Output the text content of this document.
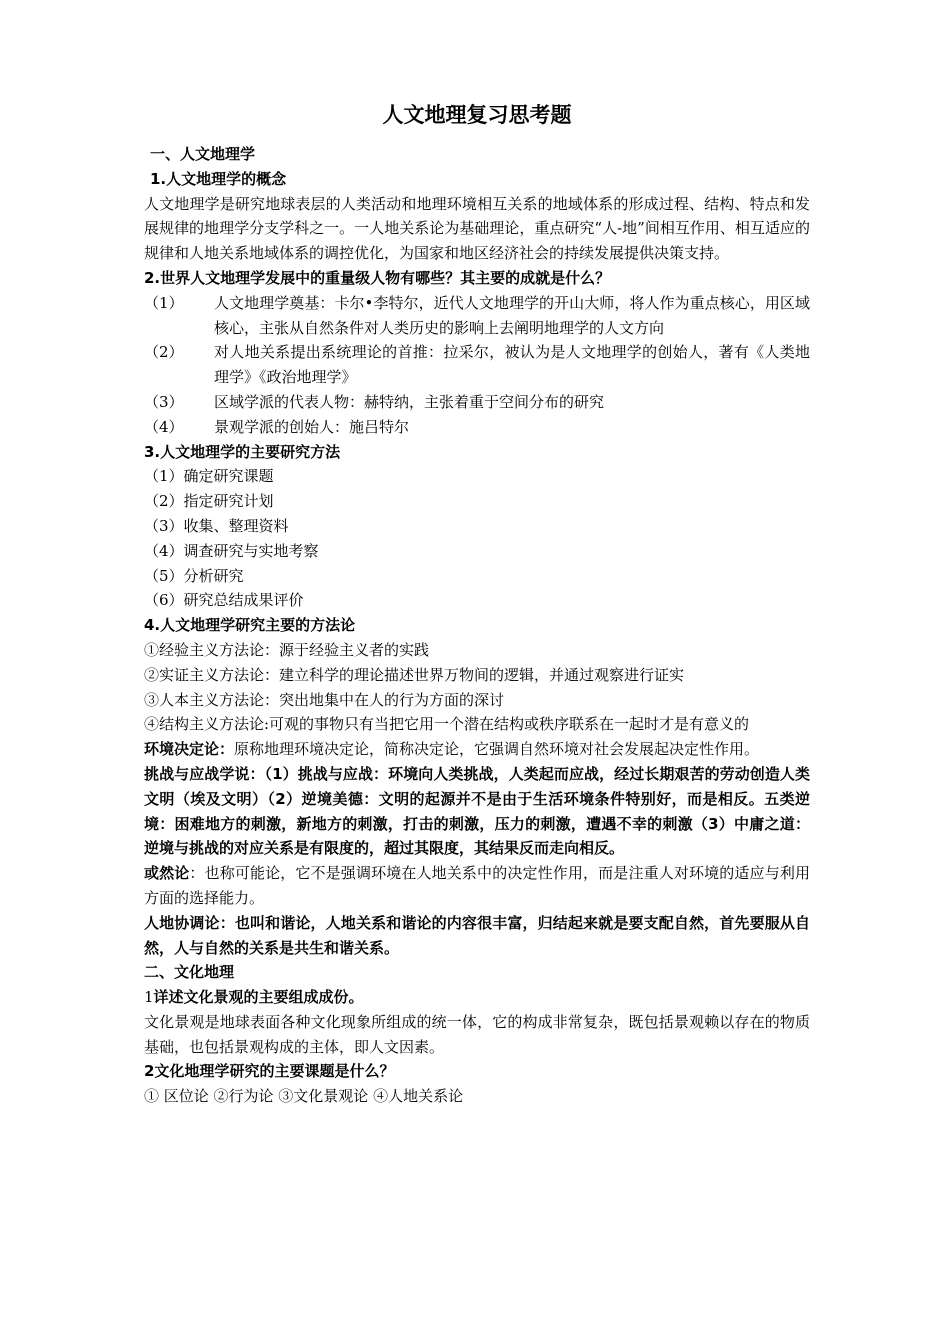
人文地理复习思考题
一、人文地理学
1.人文地理学的概念
人文地理学是研究地球表层的人类活动和地理环境相互关系的地域体系的形成过程、结构、特点和发展规律的地理学分支学科之一。一人地关系论为基础理论，重点研究“人-地”间相互作用、相互适应的规律和人地关系地域体系的调控优化，为国家和地区经济社会的持续发展提供决策支持。
2.世界人文地理学发展中的重量级人物有哪些？其主要的成就是什么？
（1）	人文地理学奠基：卡尔•李特尔，近代人文地理学的开山大师，将人作为重点核心，用区域核心，主张从自然条件对人类历史的影响上去阐明地理学的人文方向
（2）	对人地关系提出系统理论的首推：拉采尔，被认为是人文地理学的创始人，著有《人类地理学》《政治地理学》
（3）	区域学派的代表人物：赫特纳，主张着重于空间分布的研究
（4）	景观学派的创始人：施吕特尔
3.人文地理学的主要研究方法
（1）确定研究课题
（2）指定研究计划
（3）收集、整理资料
（4）调查研究与实地考察
（5）分析研究
（6）研究总结成果评价
4.人文地理学研究主要的方法论
①经验主义方法论：源于经验主义者的实践
②实证主义方法论：建立科学的理论描述世界万物间的逻辑，并通过观察进行证实
③人本主义方法论：突出地集中在人的行为方面的深讨
④结构主义方法论:可观的事物只有当把它用一个潜在结构或秩序联系在一起时才是有意义的
环境决定论：原称地理环境决定论，简称决定论，它强调自然环境对社会发展起决定性作用。
挑战与应战学说：（1）挑战与应战：环境向人类挑战，人类起而应战，经过长期艰苦的劳动创造人类文明（埃及文明）（2）逆境美德：文明的起源并不是由于生活环境条件特别好，而是相反。五类逆境：困难地方的刺激，新地方的刺激，打击的刺激，压力的刺激，遭遇不幸的刺激（3）中庸之道：逆境与挑战的对应关系是有限度的，超过其限度，其结果反而走向相反。
或然论：也称可能论，它不是强调环境在人地关系中的决定性作用，而是注重人对环境的适应与利用方面的选择能力。
人地协调论：也叫和谐论，人地关系和谐论的内容很丰富，归结起来就是要支配自然，首先要服从自然，人与自然的关系是共生和谐关系。
二、文化地理
1详述文化景观的主要组成成份。
文化景观是地球表面各种文化现象所组成的统一体，它的构成非常复杂，既包括景观赖以存在的物质基础，也包括景观构成的主体，即人文因素。
2文化地理学研究的主要课题是什么？
① 区位论 ②行为论 ③文化景观论 ④人地关系论
